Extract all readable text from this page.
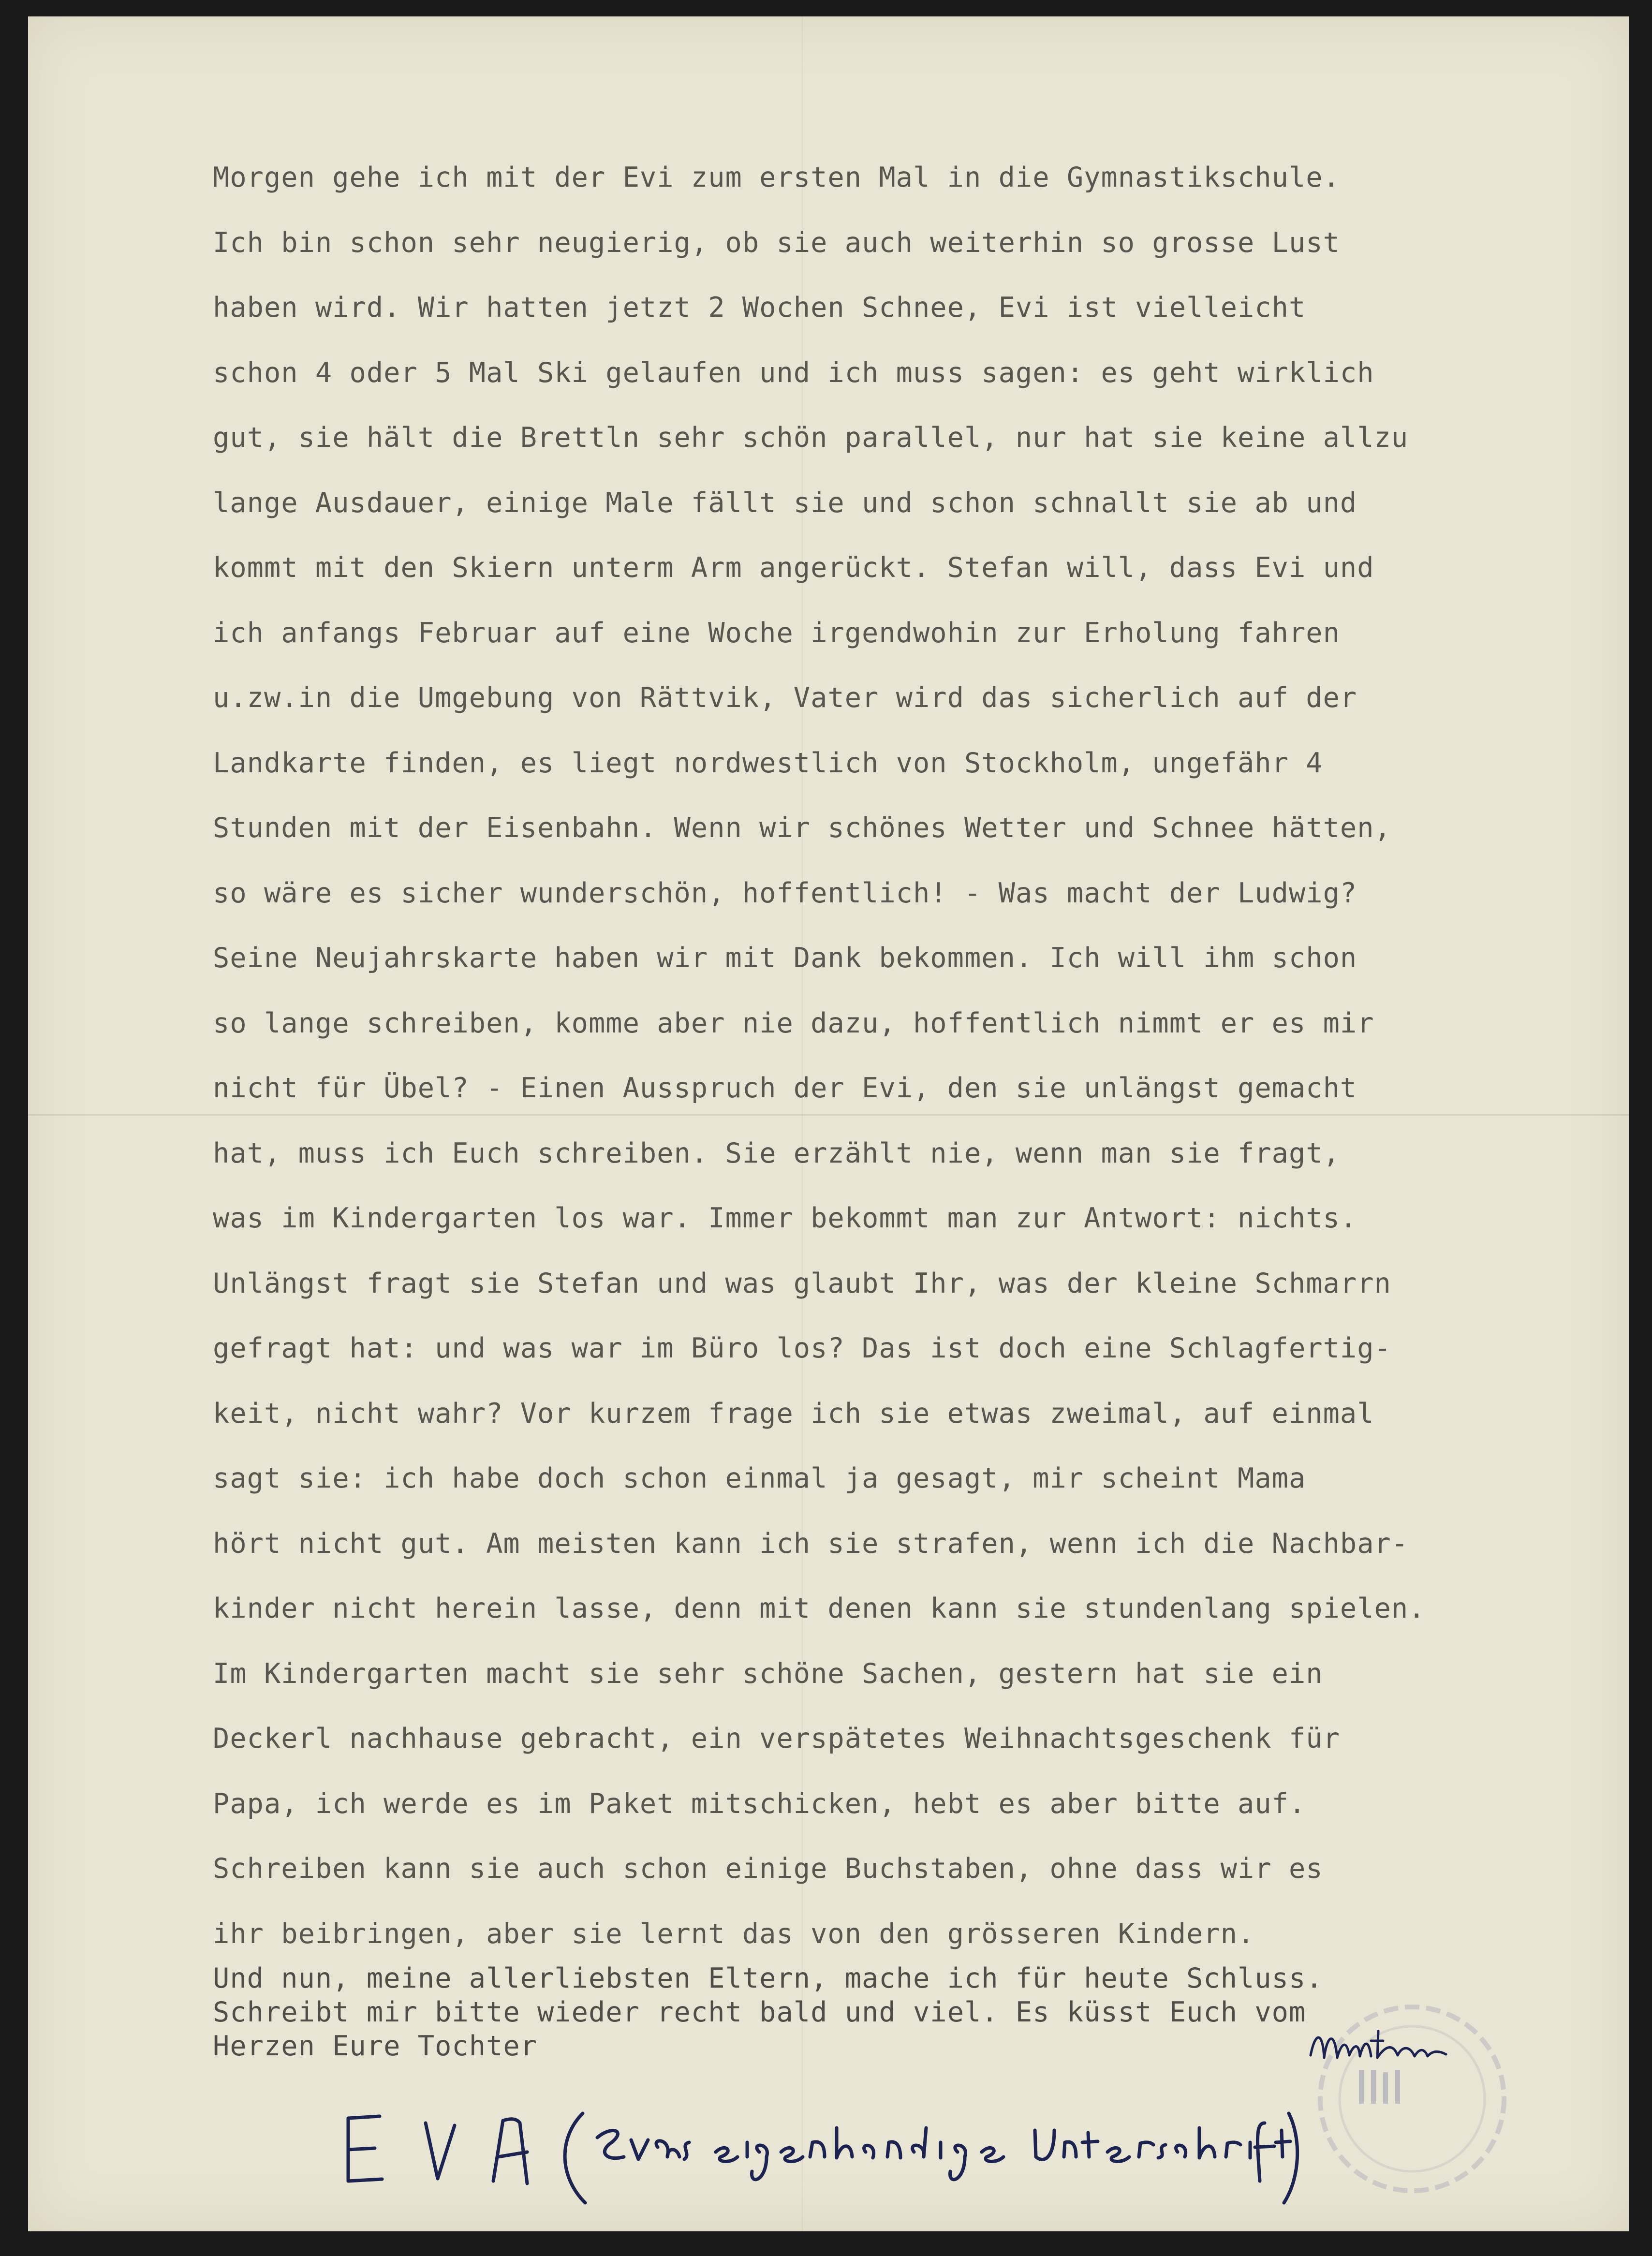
Morgen gehe ich mit der Evi zum ersten Mal in die Gymnastikschule.
Ich bin schon sehr neugierig, ob sie auch weiterhin so grosse Lust
haben wird. Wir hatten jetzt 2 Wochen Schnee, Evi ist vielleicht
schon 4 oder 5 Mal Ski gelaufen und ich muss sagen: es geht wirklich
gut, sie hält die Brettln sehr schön parallel, nur hat sie keine allzu
lange Ausdauer, einige Male fällt sie und schon schnallt sie ab und
kommt mit den Skiern unterm Arm angerückt. Stefan will, dass Evi und
ich anfangs Februar auf eine Woche irgendwohin zur Erholung fahren
u.zw.in die Umgebung von Rättvik, Vater wird das sicherlich auf der
Landkarte finden, es liegt nordwestlich von Stockholm, ungefähr 4
Stunden mit der Eisenbahn. Wenn wir schönes Wetter und Schnee hätten,
so wäre es sicher wunderschön, hoffentlich! - Was macht der Ludwig?
Seine Neujahrskarte haben wir mit Dank bekommen. Ich will ihm schon
so lange schreiben, komme aber nie dazu, hoffentlich nimmt er es mir
nicht für Übel? - Einen Ausspruch der Evi, den sie unlängst gemacht
hat, muss ich Euch schreiben. Sie erzählt nie, wenn man sie fragt,
was im Kindergarten los war. Immer bekommt man zur Antwort: nichts.
Unlängst fragt sie Stefan und was glaubt Ihr, was der kleine Schmarrn
gefragt hat: und was war im Büro los? Das ist doch eine Schlagfertig-
keit, nicht wahr? Vor kurzem frage ich sie etwas zweimal, auf einmal
sagt sie: ich habe doch schon einmal ja gesagt, mir scheint Mama
hört nicht gut. Am meisten kann ich sie strafen, wenn ich die Nachbar-
kinder nicht herein lasse, denn mit denen kann sie stundenlang spielen.
Im Kindergarten macht sie sehr schöne Sachen, gestern hat sie ein
Deckerl nachhause gebracht, ein verspätetes Weihnachtsgeschenk für
Papa, ich werde es im Paket mitschicken, hebt es aber bitte auf.
Schreiben kann sie auch schon einige Buchstaben, ohne dass wir es
ihr beibringen, aber sie lernt das von den grösseren Kindern.
Und nun, meine allerliebsten Eltern, mache ich für heute Schluss.
Schreibt mir bitte wieder recht bald und viel. Es küsst Euch vom
Herzen Eure Tochter
